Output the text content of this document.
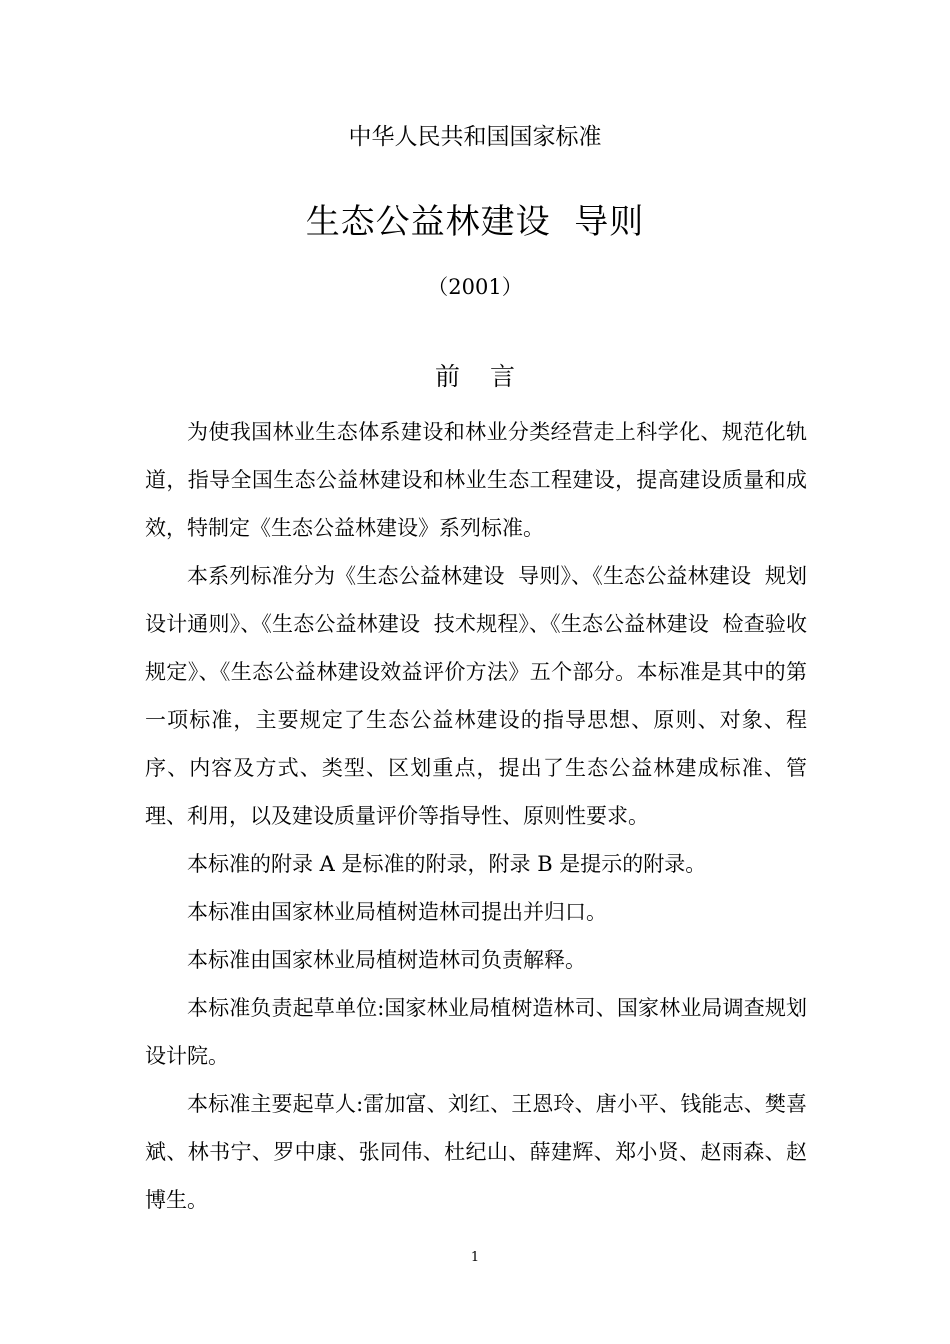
中华人民共和国国家标准
生态公益林建设  导则
（2001）
前言

为使我国林业生态体系建设和林业分类经营走上科学化、规范化轨道，指导全国生态公益林建设和林业生态工程建设，提高建设质量和成效，特制定《生态公益林建设》系列标准。

本系列标准分为《生态公益林建设  导则》、《生态公益林建设  规划设计通则》、《生态公益林建设  技术规程》、《生态公益林建设  检查验收规定》、《生态公益林建设效益评价方法》五个部分。本标准是其中的第一项标准，主要规定了生态公益林建设的指导思想、原则、对象、程序、内容及方式、类型、区划重点，提出了生态公益林建成标准、管理、利用，以及建设质量评价等指导性、原则性要求。

本标准的附录 A 是标准的附录，附录 B 是提示的附录。

本标准由国家林业局植树造林司提出并归口。

本标准由国家林业局植树造林司负责解释。

本标准负责起草单位:国家林业局植树造林司、国家林业局调查规划设计院。

本标准主要起草人:雷加富、刘红、王恩玲、唐小平、钱能志、樊喜斌、林书宁、罗中康、张同伟、杜纪山、薛建辉、郑小贤、赵雨森、赵博生。

1
